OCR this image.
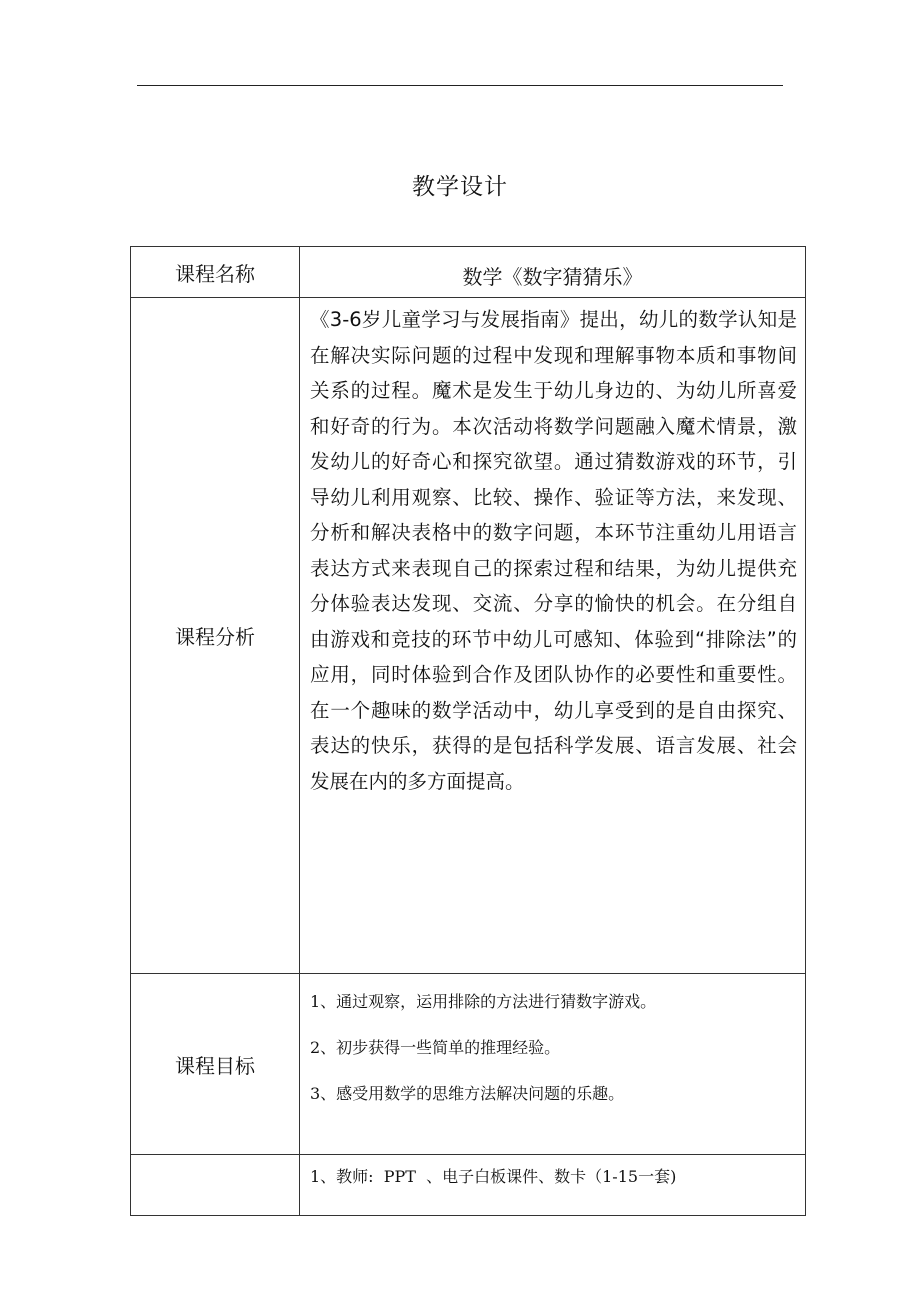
教学设计
课程名称	数学《数字猜猜乐》
课程分析	《3-6岁儿童学习与发展指南》提出，幼儿的数学认知是在解决实际问题的过程中发现和理解事物本质和事物间关系的过程。魔术是发生于幼儿身边的、为幼儿所喜爱和好奇的行为。本次活动将数学问题融入魔术情景，激发幼儿的好奇心和探究欲望。通过猜数游戏的环节，引导幼儿利用观察、比较、操作、验证等方法，来发现、分析和解决表格中的数字问题，本环节注重幼儿用语言表达方式来表现自己的探索过程和结果，为幼儿提供充分体验表达发现、交流、分享的愉快的机会。在分组自由游戏和竞技的环节中幼儿可感知、体验到“排除法”的应用，同时体验到合作及团队协作的必要性和重要性。在一个趣味的数学活动中，幼儿享受到的是自由探究、表达的快乐，获得的是包括科学发展、语言发展、社会发展在内的多方面提高。
课程目标	1、通过观察，运用排除的方法进行猜数字游戏。
2、初步获得一些简单的推理经验。
3、感受用数学的思维方法解决问题的乐趣。

	1、教师:  PPT  、电子白板课件、数卡（1-15一套)
